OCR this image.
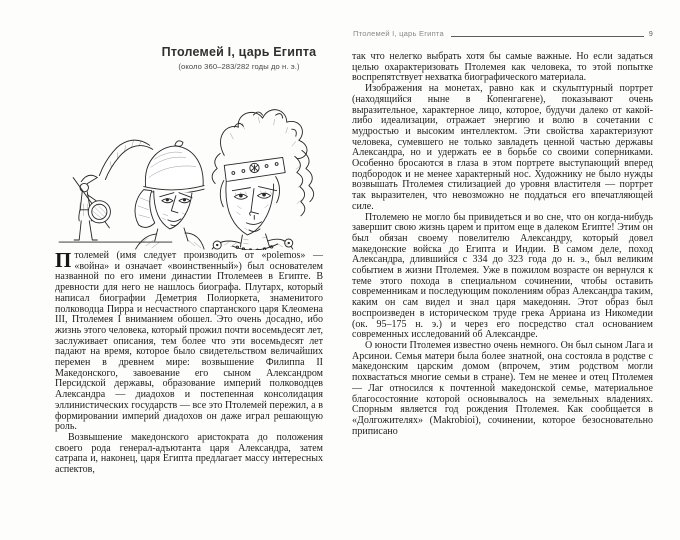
Птолемей I, царь Египта
(около 360–283/282 годы до н. э.)

Птолемей (имя следует производить от «polemos» — «война» и означает «воинственный») был основателем названной по его имени династии Птолемеев в Египте. В древности для него не нашлось биографа. Плутарх, который написал биографии Деметрия Полиоркета, знаменитого полководца Пирра и несчастного спартанского царя Клеомена III, Птолемея I вниманием обошел. Это очень досадно, ибо жизнь этого человека, который прожил почти восемьдесят лет, заслуживает описания, тем более что эти восемьдесят лет падают на время, которое было свидетельством величайших перемен в древнем мире: возвышение Филиппа II Македонского, завоевание его сыном Александром Персидской державы, образование империй полководцев Александра — диадохов и постепенная консолидация эллинистических государств — все это Птолемей пережил, а в формировании империй диадохов он даже играл решающую роль.

Возвышение македонского аристократа до положения своего рода генерал-адъютанта царя Александра, затем сатрапа и, наконец, царя Египта предлагает массу интересных аспектов,

Птолемей I, царь Египта	9

так что нелегко выбрать хотя бы самые важные. Но если задаться целью охарактеризовать Птолемея как человека, то этой попытке воспрепятствует нехватка биографического материала.

Изображения на монетах, равно как и скульптурный портрет (находящийся ныне в Копенгагене), показывают очень выразительное, характерное лицо, которое, будучи далеко от какой-либо идеализации, отражает энергию и волю в сочетании с мудростью и высоким интеллектом. Эти свойства характеризуют человека, сумевшего не только завладеть ценной частью державы Александра, но и удержать ее в борьбе со своими соперниками. Особенно бросаются в глаза в этом портрете выступающий вперед подбородок и не менее характерный нос. Художнику не было нужды возвышать Птолемея стилизацией до уровня властителя — портрет так выразителен, что невозможно не поддаться его впечатляющей силе.

Птолемею не могло бы привидеться и во сне, что он когда-нибудь завершит свою жизнь царем и притом еще в далеком Египте! Этим он был обязан своему повелителю Александру, который довел македонские войска до Египта и Индии. В самом деле, поход Александра, длившийся с 334 до 323 года до н. э., был великим событием в жизни Птолемея. Уже в пожилом возрасте он вернулся к теме этого похода в специальном сочинении, чтобы оставить современникам и последующим поколениям образ Александра таким, каким он сам видел и знал царя македонян. Этот образ был воспроизведен в историческом труде грека Арриана из Никомедии (ок. 95–175 н. э.) и через его посредство стал основанием современных исследований об Александре.

О юности Птолемея известно очень немного. Он был сыном Лага и Арсинои. Семья матери была более знатной, она состояла в родстве с македонским царским домом (впрочем, этим родством могли похвастаться многие семьи в стране). Тем не менее и отец Птолемея — Лаг относился к почтенной македонской семье, материальное благосостояние которой основывалось на земельных владениях. Спорным является год рождения Птолемея. Как сообщается в «Долгожителях» (Makrobioi), сочинении, которое безосновательно приписано
